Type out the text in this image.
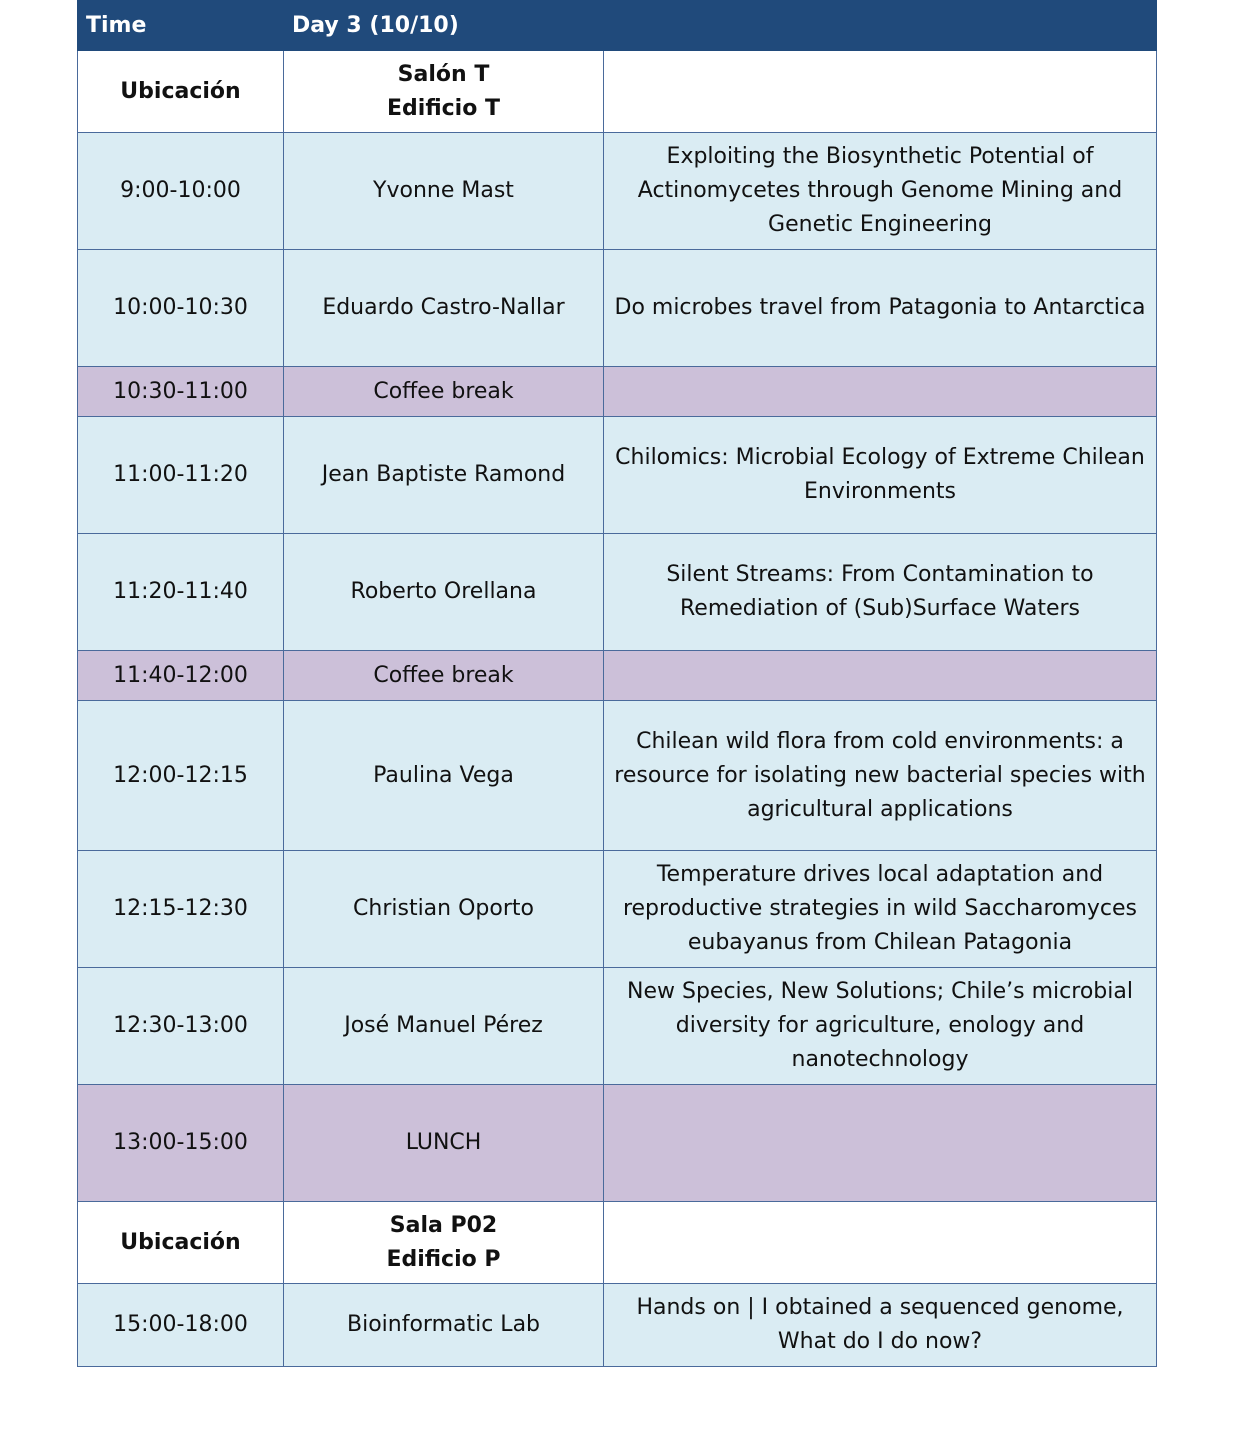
Time	Day 3 (10/10)	
Ubicación	Salón T
Edificio T	

9:00-10:00	Yvonne Mast	Exploiting the Biosynthetic Potential of Actinomycetes through Genome Mining and Genetic Engineering
10:00-10:30	Eduardo Castro-Nallar	Do microbes travel from Patagonia to Antarctica
10:30-11:00	Coffee break	
11:00-11:20	Jean Baptiste Ramond	Chilomics: Microbial Ecology of Extreme Chilean Environments
11:20-11:40	Roberto Orellana	Silent Streams: From Contamination to Remediation of (Sub)Surface Waters
11:40-12:00	Coffee break	
12:00-12:15	Paulina Vega	Chilean wild flora from cold environments: a resource for isolating new bacterial species with agricultural applications
12:15-12:30	Christian Oporto	Temperature drives local adaptation and reproductive strategies in wild Saccharomyces eubayanus from Chilean Patagonia
12:30-13:00	José Manuel Pérez	New Species, New Solutions; Chile’s microbial diversity for agriculture, enology and nanotechnology
13:00-15:00	LUNCH	
Ubicación	Sala P02
Edificio P	

15:00-18:00	Bioinformatic Lab	Hands on | I obtained a sequenced genome, What do I do now?
